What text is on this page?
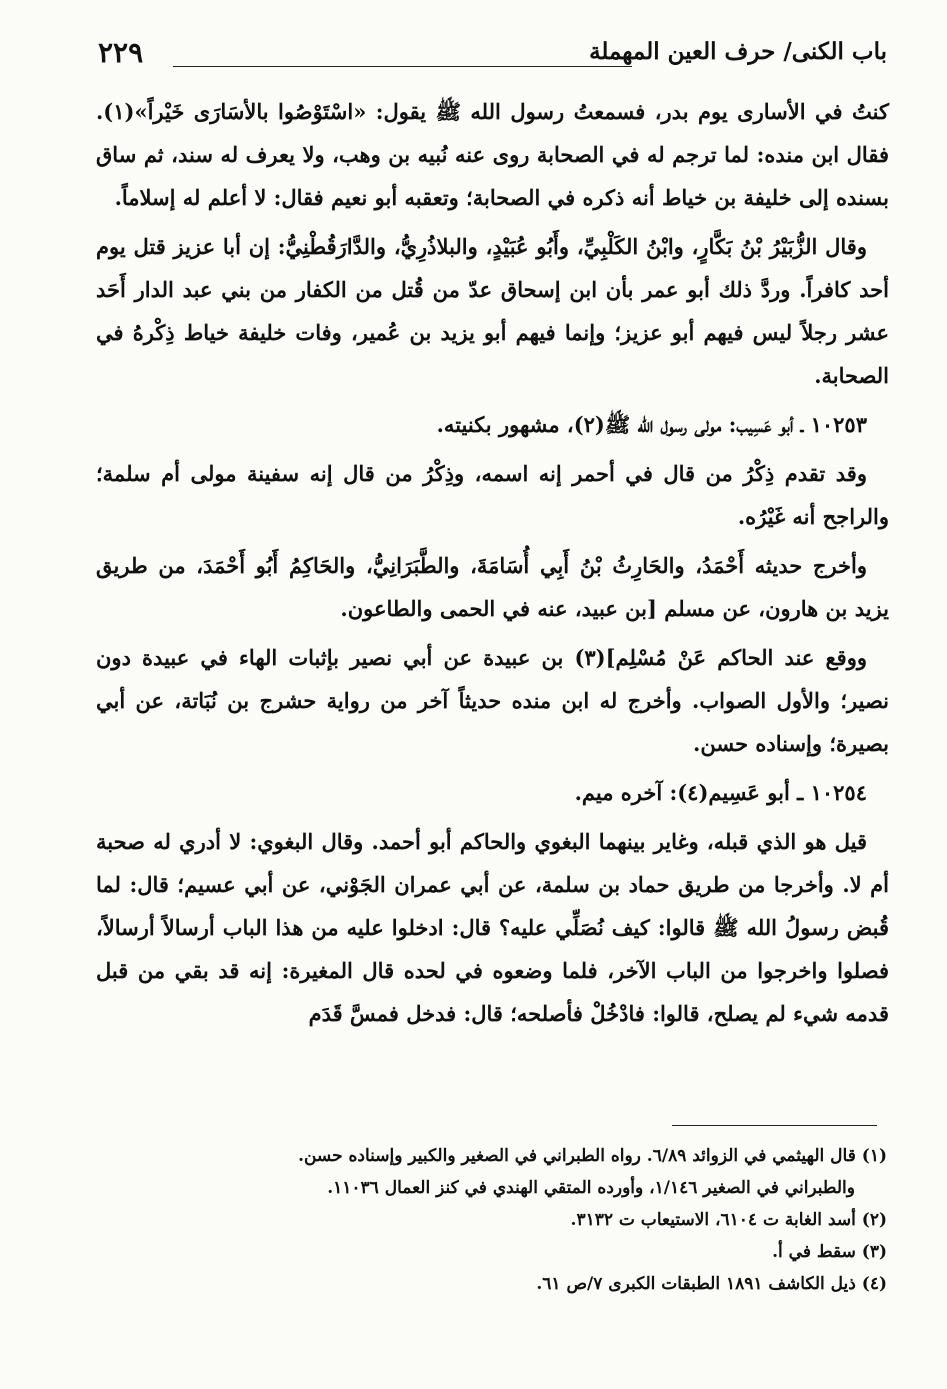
باب الكنى/ حرف العين المهملة
٢٢٩

كنتُ في الأسارى يوم بدر، فسمعتُ رسول الله ﷺ يقول: «اسْتَوْصُوا بالأسَارَى خَيْراً»(١). فقال ابن منده: لما ترجم له في الصحابة روى عنه نُبيه بن وهب، ولا يعرف له سند، ثم ساق بسنده إلى خليفة بن خياط أنه ذكره في الصحابة؛ وتعقبه أبو نعيم فقال: لا أعلم له إسلاماً.

وقال الزُّبَيْرُ بْنُ بَكَّارٍ، وابْنُ الكَلْبِيِّ، وأَبُو عُبَيْدٍ، والبلاذُرِيُّ، والدَّارَقُطْنِيُّ: إن أبا عزيز قتل يوم أحد كافراً. وردَّ ذلك أبو عمر بأن ابن إسحاق عدّ من قُتل من الكفار من بني عبد الدار أَحَد عشر رجلاً ليس فيهم أبو عزيز؛ وإنما فيهم أبو يزيد بن عُمير، وفات خليفة خياط ذِكْرهُ في الصحابة.

١٠٢٥٣ ـ أبو عَسِيب: مولى رسول الله ﷺ(٢)، مشهور بكنيته.

وقد تقدم ذِكْرُ من قال في أحمر إنه اسمه، وذِكْرُ من قال إنه سفينة مولى أم سلمة؛ والراجح أنه غَيْرُه.

وأخرج حديثه أَحْمَدُ، والحَارِثُ بْنُ أَبِي أُسَامَةَ، والطَّبَرَانِيُّ، والحَاكِمُ أَبُو أَحْمَدَ، من طريق يزيد بن هارون، عن مسلم [بن عبيد، عنه في الحمى والطاعون.

ووقع عند الحاكم عَنْ مُسْلِم](٣) بن عبيدة عن أبي نصير بإثبات الهاء في عبيدة دون نصير؛ والأول الصواب. وأخرج له ابن منده حديثاً آخر من رواية حشرج بن نُبَاتة، عن أبي بصيرة؛ وإسناده حسن.

١٠٢٥٤ ـ أبو عَسِيم(٤): آخره ميم.

قيل هو الذي قبله، وغاير بينهما البغوي والحاكم أبو أحمد. وقال البغوي: لا أدري له صحبة أم لا. وأخرجا من طريق حماد بن سلمة، عن أبي عمران الجَوْني، عن أبي عسيم؛ قال: لما قُبض رسولُ الله ﷺ قالوا: كيف نُصَلِّي عليه؟ قال: ادخلوا عليه من هذا الباب أرسالاً أرسالاً، فصلوا واخرجوا من الباب الآخر، فلما وضعوه في لحده قال المغيرة: إنه قد بقي من قبل قدمه شيء لم يصلح، قالوا: فادْخُلْ فأصلحه؛ قال: فدخل فمسَّ قَدَم

(١) قال الهيثمي في الزوائد ٦/٨٩. رواه الطبراني في الصغير والكبير وإسناده حسن.
والطبراني في الصغير ١/١٤٦، وأورده المتقي الهندي في كنز العمال ١١٠٣٦.
(٢) أسد الغابة ت ٦١٠٤، الاستيعاب ت ٣١٣٢.
(٣) سقط في أ.
(٤) ذيل الكاشف ١٨٩١ الطبقات الكبرى ٧/ص ٦١.
